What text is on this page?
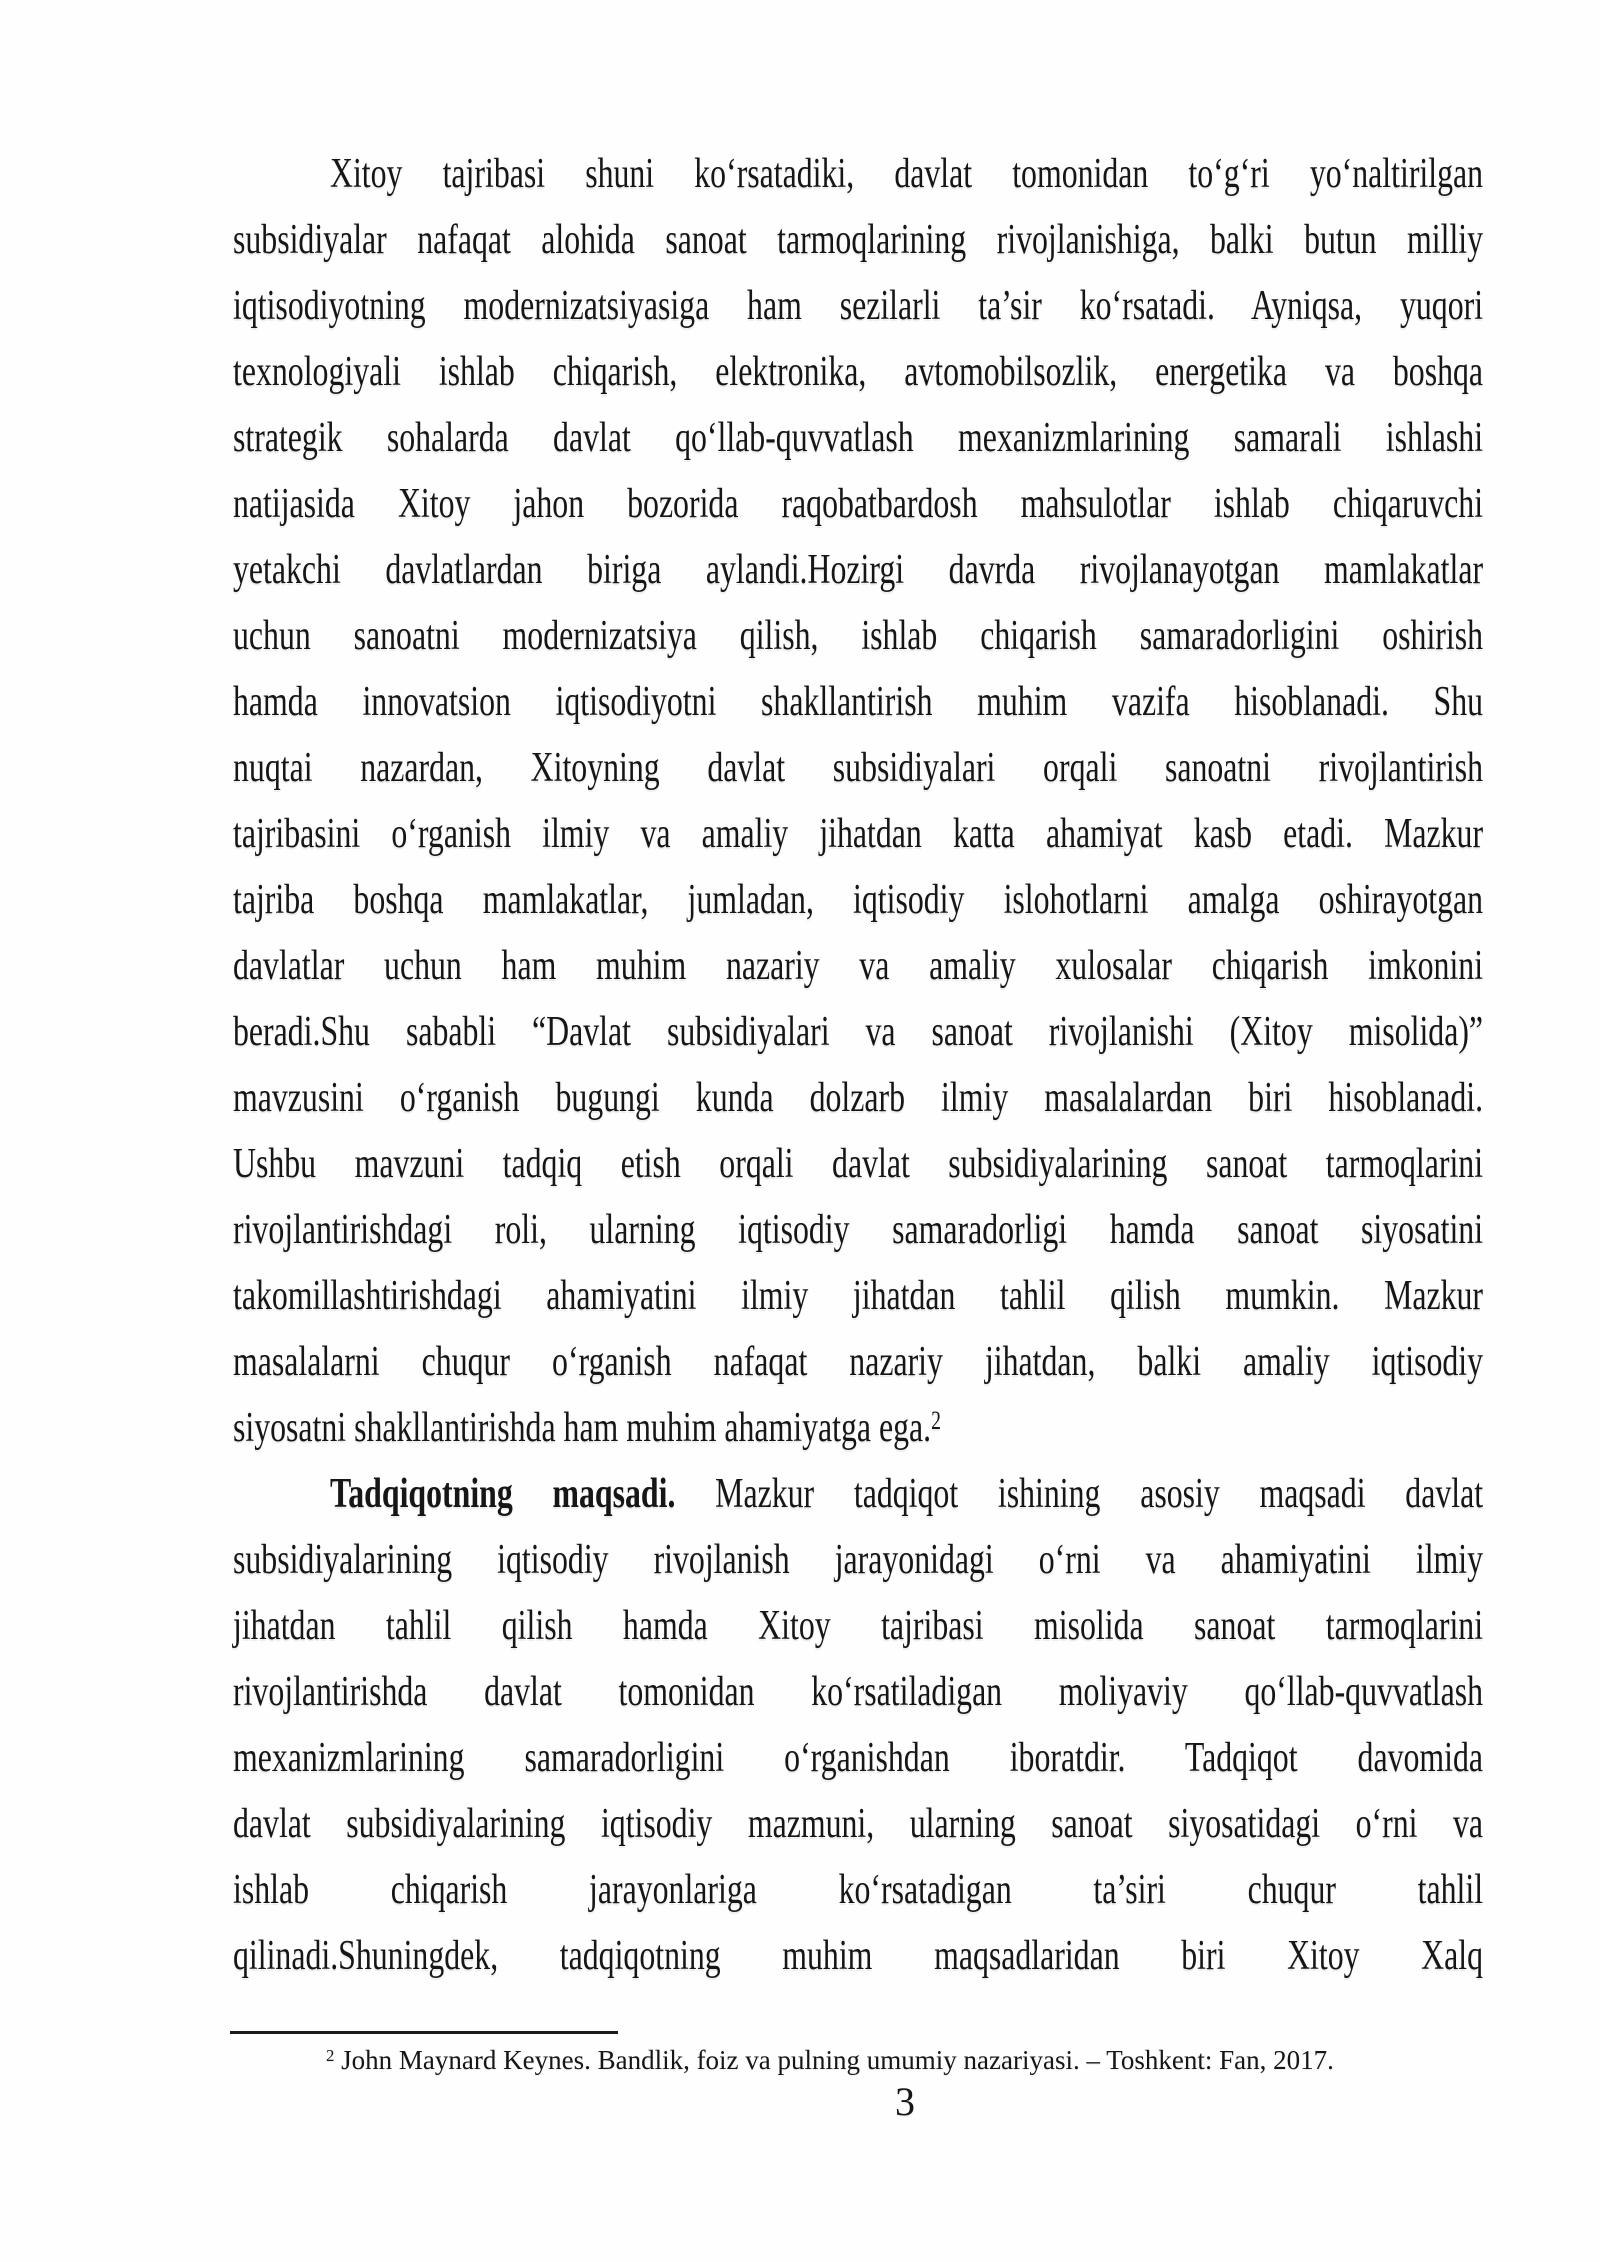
Xitoy tajribasi shuni koʻrsatadiki, davlat tomonidan toʻgʻri yoʻnaltirilgan
subsidiyalar nafaqat alohida sanoat tarmoqlarining rivojlanishiga, balki butun milliy
iqtisodiyotning modernizatsiyasiga ham sezilarli ta’sir koʻrsatadi. Ayniqsa, yuqori
texnologiyali ishlab chiqarish, elektronika, avtomobilsozlik, energetika va boshqa
strategik sohalarda davlat qoʻllab-quvvatlash mexanizmlarining samarali ishlashi
natijasida Xitoy jahon bozorida raqobatbardosh mahsulotlar ishlab chiqaruvchi
yetakchi davlatlardan biriga aylandi.Hozirgi davrda rivojlanayotgan mamlakatlar
uchun sanoatni modernizatsiya qilish, ishlab chiqarish samaradorligini oshirish
hamda innovatsion iqtisodiyotni shakllantirish muhim vazifa hisoblanadi. Shu
nuqtai nazardan, Xitoyning davlat subsidiyalari orqali sanoatni rivojlantirish
tajribasini oʻrganish ilmiy va amaliy jihatdan katta ahamiyat kasb etadi. Mazkur
tajriba boshqa mamlakatlar, jumladan, iqtisodiy islohotlarni amalga oshirayotgan
davlatlar uchun ham muhim nazariy va amaliy xulosalar chiqarish imkonini
beradi.Shu sababli “Davlat subsidiyalari va sanoat rivojlanishi (Xitoy misolida)”
mavzusini oʻrganish bugungi kunda dolzarb ilmiy masalalardan biri hisoblanadi.
Ushbu mavzuni tadqiq etish orqali davlat subsidiyalarining sanoat tarmoqlarini
rivojlantirishdagi roli, ularning iqtisodiy samaradorligi hamda sanoat siyosatini
takomillashtirishdagi ahamiyatini ilmiy jihatdan tahlil qilish mumkin. Mazkur
masalalarni chuqur oʻrganish nafaqat nazariy jihatdan, balki amaliy iqtisodiy
siyosatni shakllantirishda ham muhim ahamiyatga ega.$^2$
Tadqiqotning maqsadi. Mazkur tadqiqot ishining asosiy maqsadi davlat
subsidiyalarining iqtisodiy rivojlanish jarayonidagi oʻrni va ahamiyatini ilmiy
jihatdan tahlil qilish hamda Xitoy tajribasi misolida sanoat tarmoqlarini
rivojlantirishda davlat tomonidan koʻrsatiladigan moliyaviy qoʻllab-quvvatlash
mexanizmlarining samaradorligini oʻrganishdan iboratdir. Tadqiqot davomida
davlat subsidiyalarining iqtisodiy mazmuni, ularning sanoat siyosatidagi oʻrni va
ishlab chiqarish jarayonlariga koʻrsatadigan ta’siri chuqur tahlil
qilinadi.Shuningdek, tadqiqotning muhim maqsadlaridan biri Xitoy Xalq
$^2$ John Maynard Keynes. Bandlik, foiz va pulning umumiy nazariyasi. – Toshkent: Fan, 2017.
3
